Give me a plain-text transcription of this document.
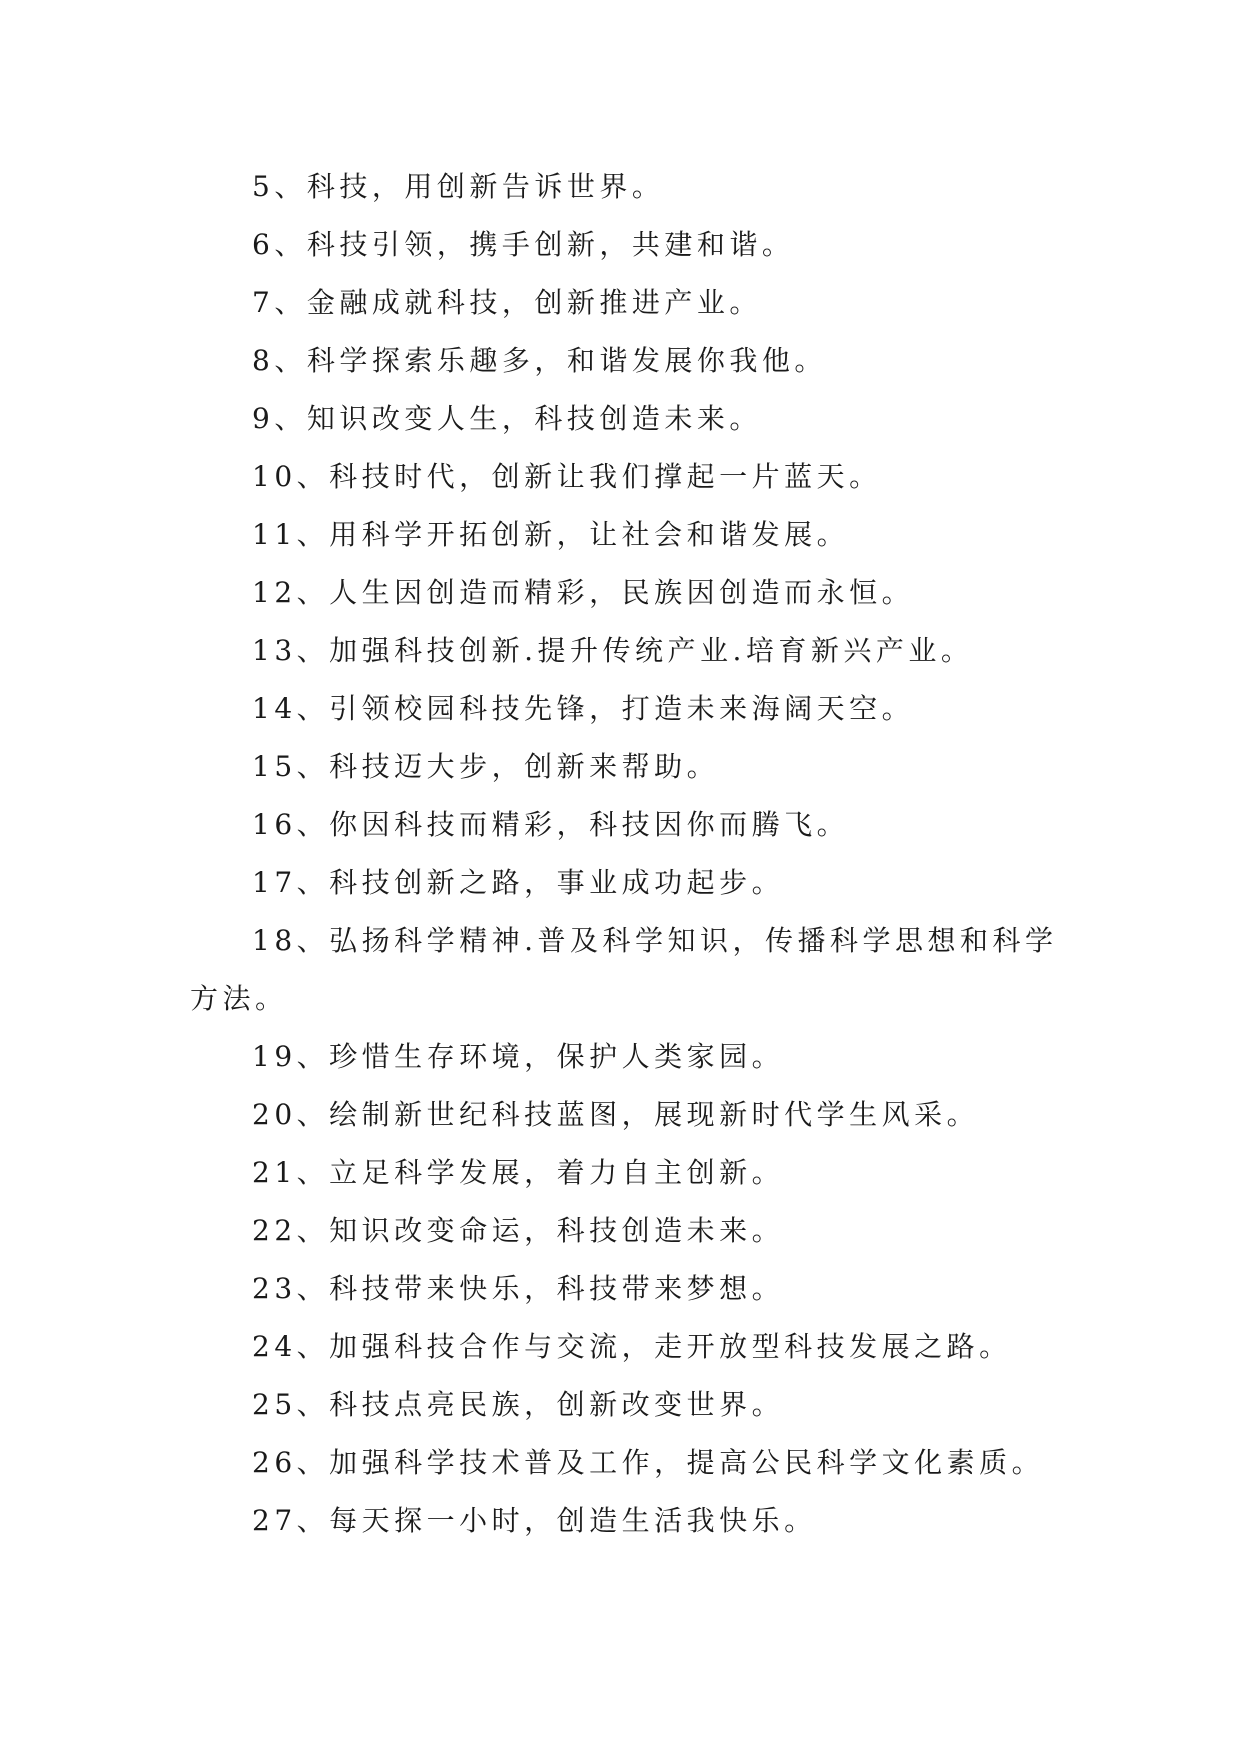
5、科技，用创新告诉世界。
6、科技引领，携手创新，共建和谐。
7、金融成就科技，创新推进产业。
8、科学探索乐趣多，和谐发展你我他。
9、知识改变人生，科技创造未来。
10、科技时代，创新让我们撑起一片蓝天。
11、用科学开拓创新，让社会和谐发展。
12、人生因创造而精彩，民族因创造而永恒。
13、加强科技创新.提升传统产业.培育新兴产业。
14、引领校园科技先锋，打造未来海阔天空。
15、科技迈大步，创新来帮助。
16、你因科技而精彩，科技因你而腾飞。
17、科技创新之路，事业成功起步。
18、弘扬科学精神.普及科学知识，传播科学思想和科学方法。
19、珍惜生存环境，保护人类家园。
20、绘制新世纪科技蓝图，展现新时代学生风采。
21、立足科学发展，着力自主创新。
22、知识改变命运，科技创造未来。
23、科技带来快乐，科技带来梦想。
24、加强科技合作与交流，走开放型科技发展之路。
25、科技点亮民族，创新改变世界。
26、加强科学技术普及工作，提高公民科学文化素质。
27、每天探一小时，创造生活我快乐。
